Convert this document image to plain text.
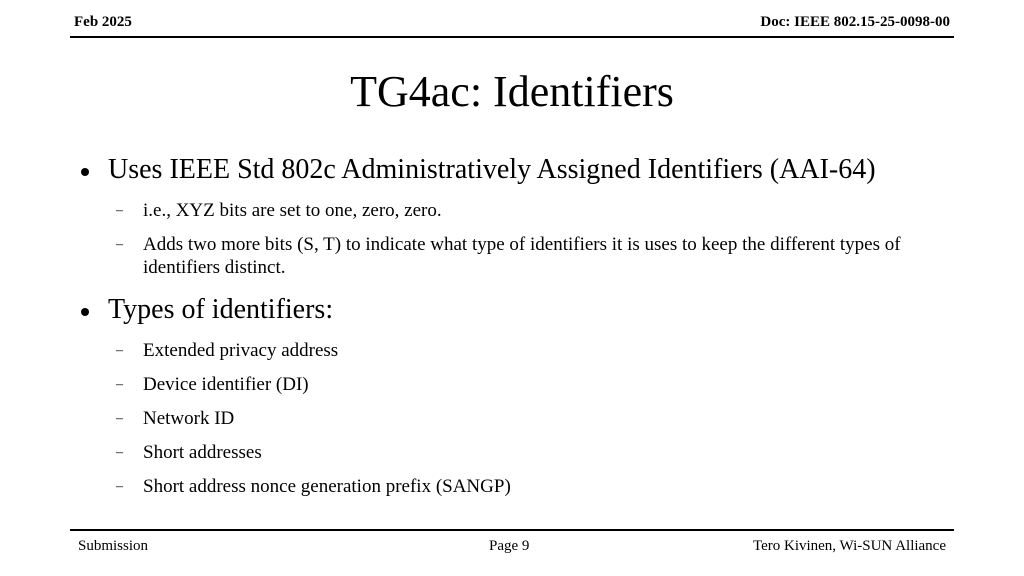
Feb 2025	Doc: IEEE 802.15-25-0098-00
TG4ac: Identifiers
Uses IEEE Std 802c Administratively Assigned Identifiers (AAI-64)
– i.e., XYZ bits are set to one, zero, zero.
– Adds two more bits (S, T) to indicate what type of identifiers it is uses to keep the different types of identifiers distinct.
Types of identifiers:
– Extended privacy address
– Device identifier (DI)
– Network ID
– Short addresses
– Short address nonce generation prefix (SANGP)
Submission	Page 9	Tero Kivinen, Wi-SUN Alliance
